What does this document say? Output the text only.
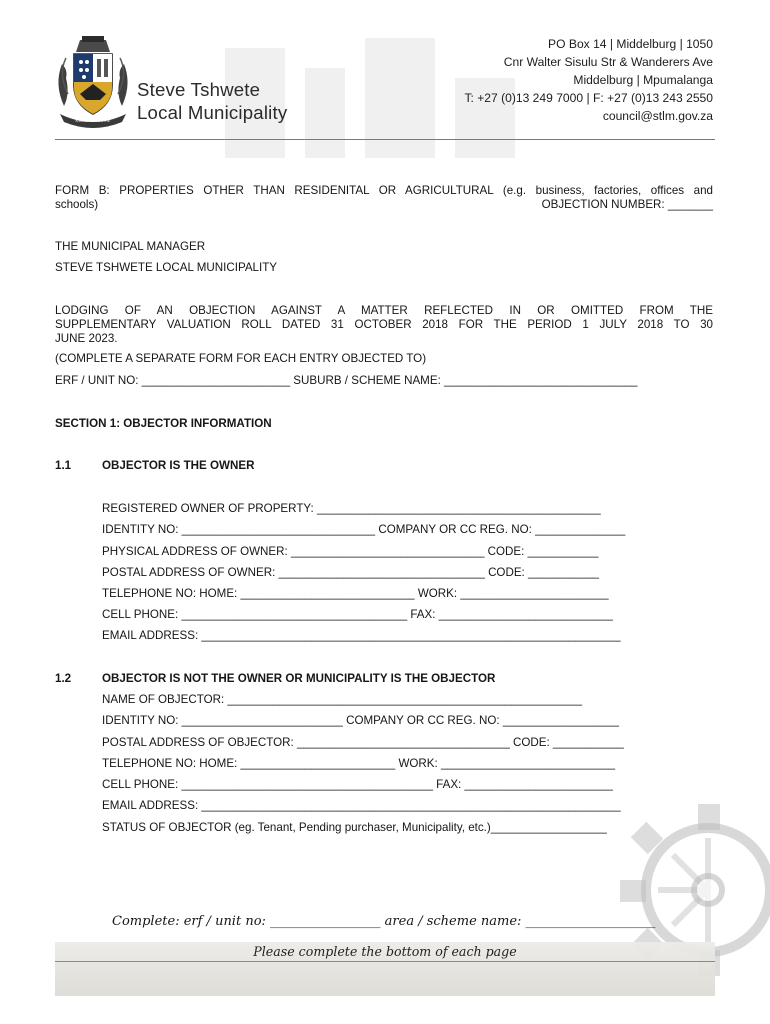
KWASANA MAKHE
Steve Tshwete
Local Municipality
PO Box 14 | Middelburg | 1050
Cnr Walter Sisulu Str & Wanderers Ave
Middelburg | Mpumalanga
T: +27 (0)13 249 7000 | F: +27 (0)13 243 2550
council@stlm.gov.za
FORM B: PROPERTIES OTHER THAN RESIDENITAL OR AGRICULTURAL (e.g. business, factories, offices and
schools)	OBJECTION NUMBER: _______
THE MUNICIPAL MANAGER
STEVE TSHWETE LOCAL MUNICIPALITY
LODGING OF AN OBJECTION AGAINST A MATTER REFLECTED IN OR OMITTED FROM THE
SUPPLEMENTARY VALUATION ROLL DATED 31 OCTOBER 2018 FOR THE PERIOD 1 JULY 2018 TO 30
JUNE 2023.
(COMPLETE A SEPARATE FORM FOR EACH ENTRY OBJECTED TO)
ERF / UNIT NO: _______________________ SUBURB / SCHEME NAME: ______________________________
SECTION 1: OBJECTOR INFORMATION
1.1	OBJECTOR IS THE OWNER
REGISTERED OWNER OF PROPERTY: ____________________________________________
IDENTITY NO: ______________________________ COMPANY OR CC REG. NO: ______________
PHYSICAL ADDRESS OF OWNER: ______________________________ CODE: ___________
POSTAL ADDRESS OF OWNER: ________________________________ CODE: ___________
TELEPHONE NO: HOME: ___________________________ WORK: _______________________
CELL PHONE: ___________________________________ FAX: ___________________________
EMAIL ADDRESS: _________________________________________________________________
1.2	OBJECTOR IS NOT THE OWNER OR MUNICIPALITY IS THE OBJECTOR
NAME OF OBJECTOR: _______________________________________________________
IDENTITY NO: _________________________ COMPANY OR CC REG. NO: __________________
POSTAL ADDRESS OF OBJECTOR: _________________________________ CODE: ___________
TELEPHONE NO: HOME: ________________________ WORK: ___________________________
CELL PHONE: _______________________________________ FAX: _______________________
EMAIL ADDRESS: _________________________________________________________________
STATUS OF OBJECTOR (eg. Tenant, Pending purchaser, Municipality, etc.)__________________
Complete: erf / unit no: _________________ area / scheme name: ____________________
Please complete the bottom of each page
